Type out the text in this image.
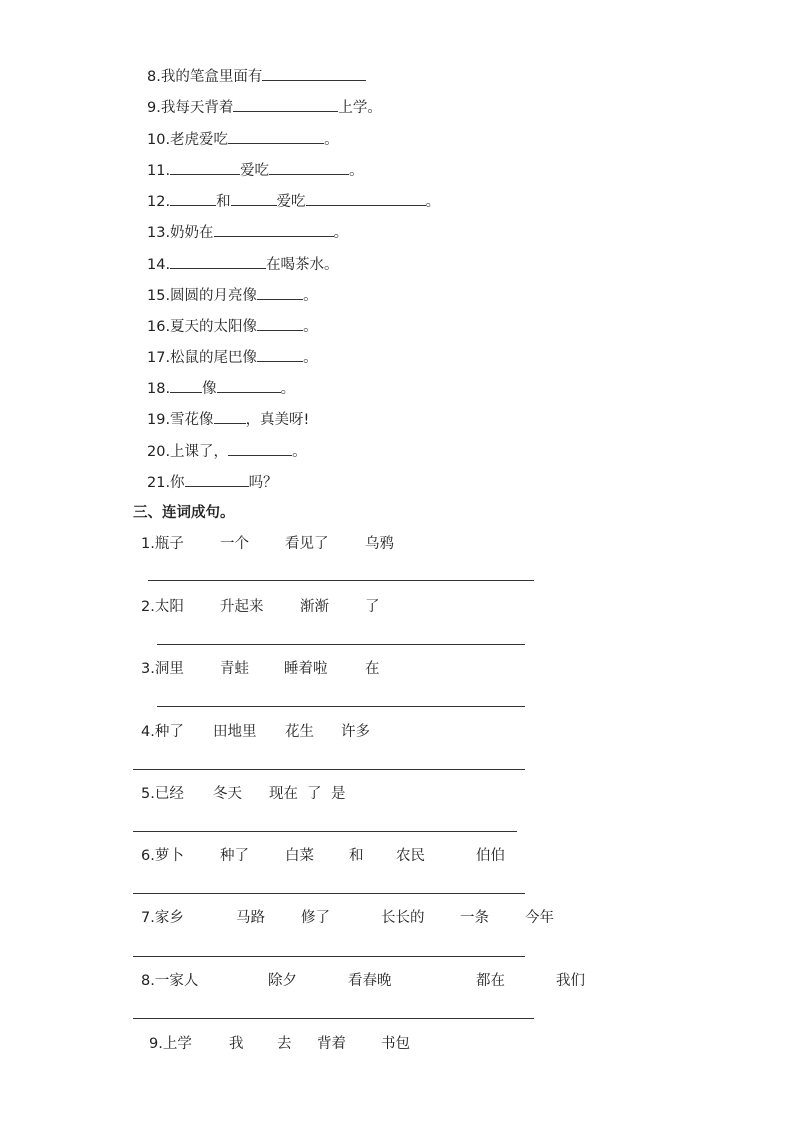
8.我的笔盒里面有
9.我每天背着	上学。
10.老虎爱吃	。
11.	爱吃	。
12.	和	爱吃	。
13.奶奶在	。
14.	在喝茶水。
15.圆圆的月亮像	。
16.夏天的太阳像	。
17.松鼠的尾巴像	。
18. 像	。
19.雪花像 ，真美呀!
20.上课了，	。
21.你	吗？
三、连词成句。
1.瓶子 一个 看见了	乌鸦
2.太阳 升起来	渐渐 了
3.洞里 青蛙 睡着啦	在
4.种了 田地里 花生 许多
5.已经 冬天 现在 了 是
6.萝卜 种了 白菜 和 农民	伯伯
7.家乡	马路 修了	长长的 一条 今年
8.一家人	除夕	看春晚	都在	我们
9.上学	我 去 背着 书包
